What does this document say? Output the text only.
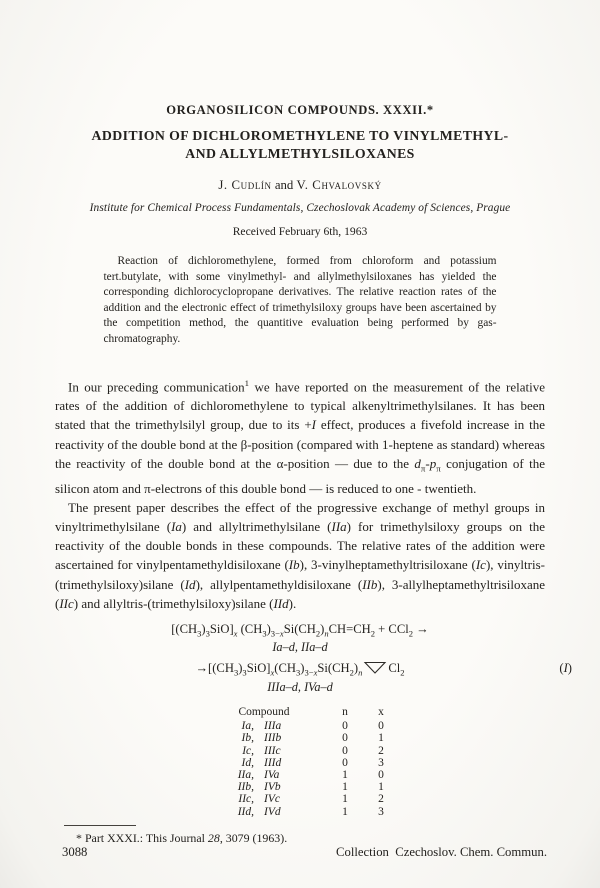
ORGANOSILICON COMPOUNDS. XXXII.*
ADDITION OF DICHLOROMETHYLENE TO VINYLMETHYL-
AND ALLYLMETHYLSILOXANES
J. Cudlín and V. Chvalovský
Institute for Chemical Process Fundamentals, Czechoslovak Academy of Sciences, Prague
Received February 6th, 1963
Reaction of dichloromethylene, formed from chloroform and potassium tert.butylate, with some vinylmethyl- and allylmethylsiloxanes has yielded the corresponding dichlorocyclopropane derivatives. The relative reaction rates of the addition and the electronic effect of trimethylsiloxy groups have been ascertained by the competition method, the quantitive evaluation being performed by gas-chromatography.

In our preceding communication$^1$ we have reported on the measurement of the relative rates of the addition of dichloromethylene to typical alkenyltrimethylsilanes. It has been stated that the trimethylsilyl group, due to its +I effect, produces a fivefold increase in the reactivity of the double bond at the β-position (compared with 1-heptene as standard) whereas the reactivity of the double bond at the α-position — due to the $d_\pi-p_\pi$ conjugation of the silicon atom and π-electrons of this double bond — is reduced to one - twentieth.

The present paper describes the effect of the progressive exchange of methyl groups in vinyltrimethylsilane (Ia) and allyltrimethylsilane (IIa) for trimethylsiloxy groups on the reactivity of the double bonds in these compounds. The relative rates of the addition were ascertained for vinylpentamethyldisiloxane (Ib), 3-vinylheptamethyltrisiloxane (Ic), vinyltris-(trimethylsiloxy)silane (Id), allylpentamethyldisiloxane (IIb), 3-allylheptamethyltrisiloxane (IIc) and allyltris-(trimethylsiloxy)silane (IId).

$[(CH_3)_3SiO]_x$ $(CH_3)_{3-x}Si(CH_2)_nCH=CH_2 + CCl_2$ →
Ia–d, IIa–d
$\to[(CH_3)_3SiO]_x(CH_3)_{3-x}Si(CH_2)_n$ $Cl_2$	(I)
IIIa–d, IVa–d
Compound		n	x
Ia,	IIIa	0	0
Ib,	IIIb	0	1
Ic,	IIIc	0	2
Id,	IIId	0	3
IIa,	IVa	1	0
IIb,	IVb	1	1
IIc,	IVc	1	2
IId,	IVd	1	3
* Part XXXI.: This Journal 28, 3079 (1963).
3088	Collection Czechoslov. Chem. Commun.
